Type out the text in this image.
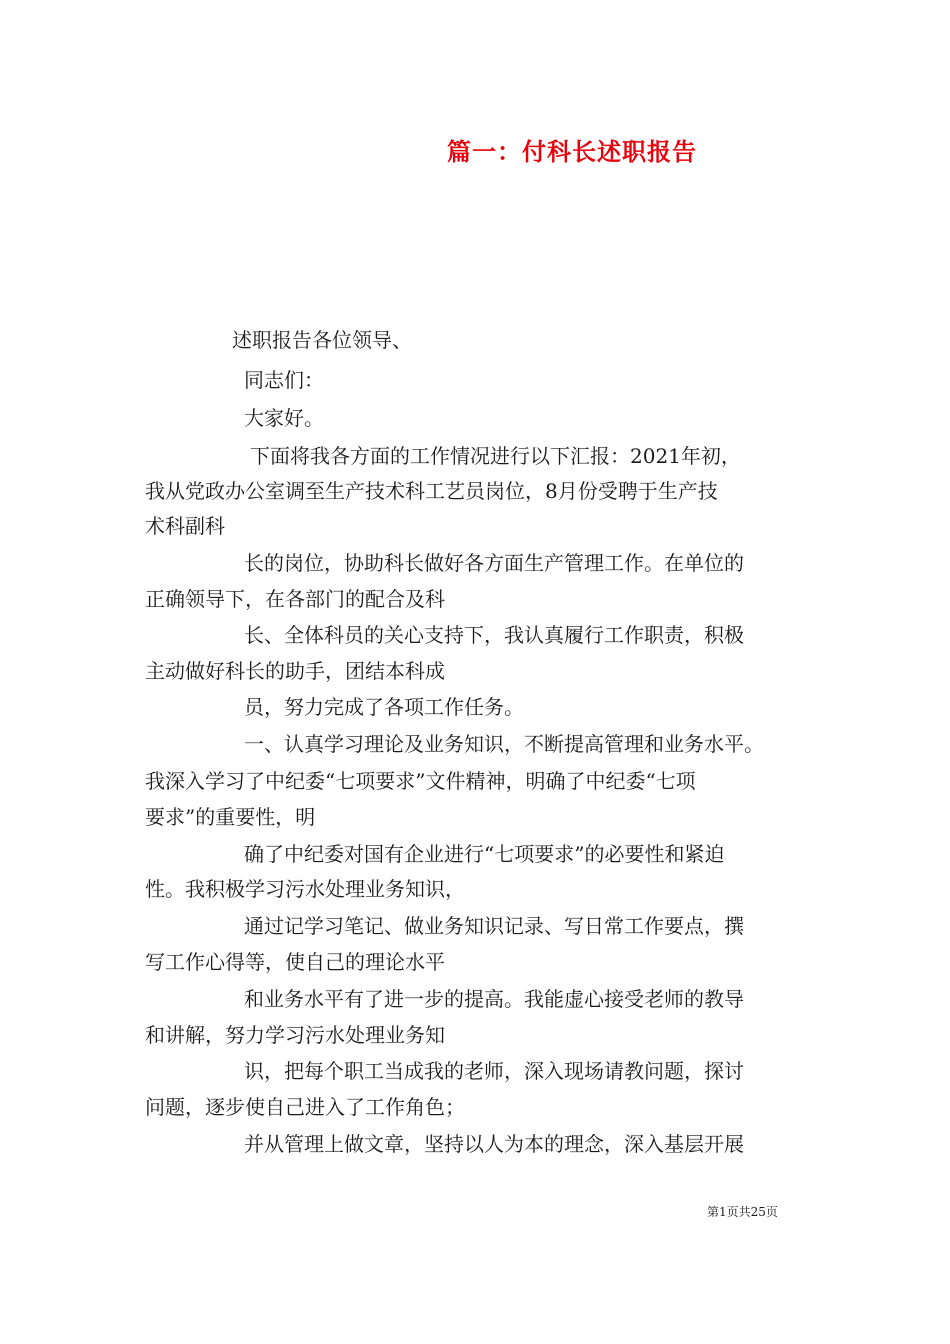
篇一：付科长述职报告
述职报告各位领导、
同志们：
大家好。
下面将我各方面的工作情况进行以下汇报：2021年初，
我从党政办公室调至生产技术科工艺员岗位，8月份受聘于生产技
术科副科
长的岗位，协助科长做好各方面生产管理工作。在单位的
正确领导下，在各部门的配合及科
长、全体科员的关心支持下，我认真履行工作职责，积极
主动做好科长的助手，团结本科成
员，努力完成了各项工作任务。
一、认真学习理论及业务知识，不断提高管理和业务水平。
我深入学习了中纪委“七项要求”文件精神，明确了中纪委“七项
要求”的重要性，明
确了中纪委对国有企业进行“七项要求”的必要性和紧迫
性。我积极学习污水处理业务知识，
通过记学习笔记、做业务知识记录、写日常工作要点，撰
写工作心得等，使自己的理论水平
和业务水平有了进一步的提高。我能虚心接受老师的教导
和讲解，努力学习污水处理业务知
识，把每个职工当成我的老师，深入现场请教问题，探讨
问题，逐步使自己进入了工作角色；
并从管理上做文章，坚持以人为本的理念，深入基层开展
第1页共25页
